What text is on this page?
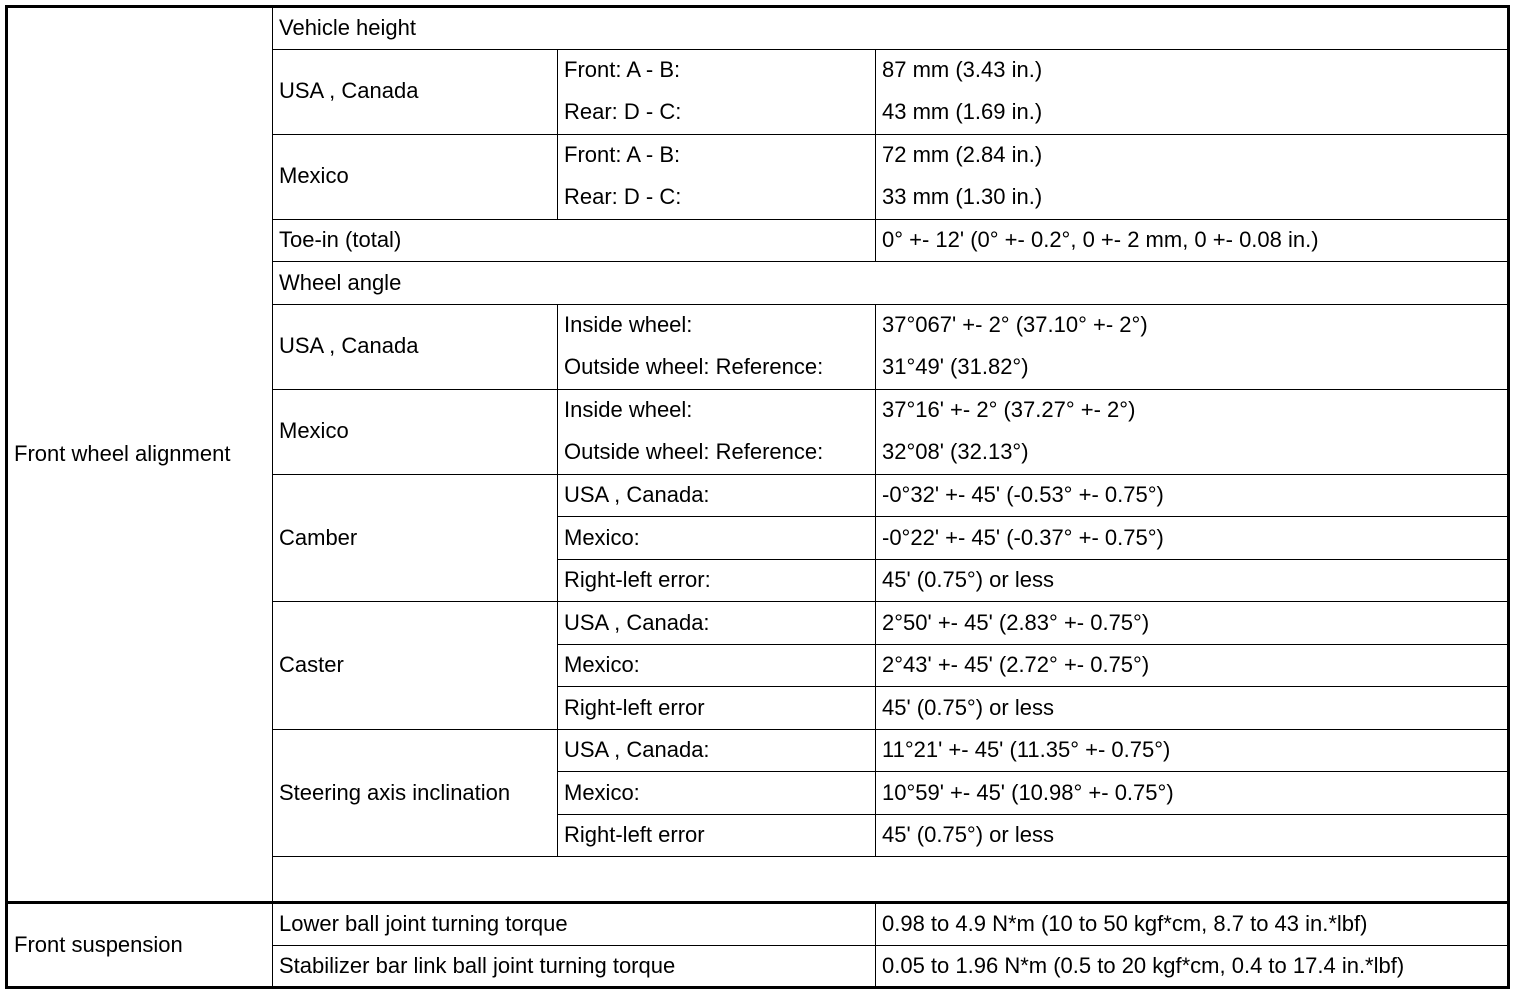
Front wheel alignment	Vehicle height		
	USA , Canada	Front: A - B:	87 mm (3.43 in.)
		Rear: D - C:	43 mm (1.69 in.)
	Mexico	Front: A - B:	72 mm (2.84 in.)
		Rear: D - C:	33 mm (1.30 in.)
	Toe-in (total)		0° +- 12' (0° +- 0.2°, 0 +- 2 mm, 0 +- 0.08 in.)
	Wheel angle		
	USA , Canada	Inside wheel:	37°067' +- 2° (37.10° +- 2°)
		Outside wheel: Reference:	31°49' (31.82°)
	Mexico	Inside wheel:	37°16' +- 2° (37.27° +- 2°)
		Outside wheel: Reference:	32°08' (32.13°)
	Camber	USA , Canada:	-0°32' +- 45' (-0.53° +- 0.75°)
		Mexico:	-0°22' +- 45' (-0.37° +- 0.75°)
		Right-left error:	45' (0.75°) or less
	Caster	USA , Canada:	2°50' +- 45' (2.83° +- 0.75°)
		Mexico:	2°43' +- 45' (2.72° +- 0.75°)
		Right-left error	45' (0.75°) or less
	Steering axis inclination	USA , Canada:	11°21' +- 45' (11.35° +- 0.75°)
		Mexico:	10°59' +- 45' (10.98° +- 0.75°)
		Right-left error	45' (0.75°) or less

Front suspension	Lower ball joint turning torque		0.98 to 4.9 N*m (10 to 50 kgf*cm, 8.7 to 43 in.*lbf)
	Stabilizer bar link ball joint turning torque		0.05 to 1.96 N*m (0.5 to 20 kgf*cm, 0.4 to 17.4 in.*lbf)
